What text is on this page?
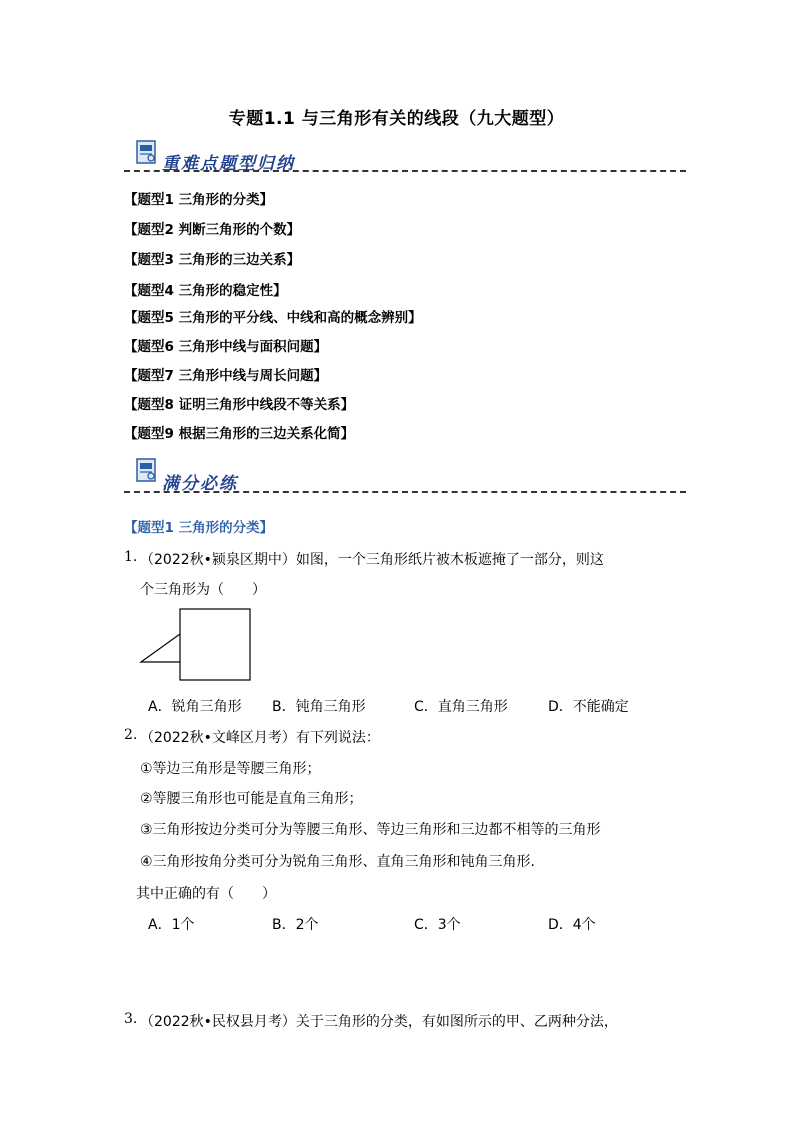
专题1.1 与三角形有关的线段（九大题型）
重难点题型归纳
【题型1 三角形的分类】
【题型2 判断三角形的个数】
【题型3 三角形的三边关系】
【题型4 三角形的稳定性】
【题型5 三角形的平分线、中线和高的概念辨别】
【题型6 三角形中线与面积问题】
【题型7 三角形中线与周长问题】
【题型8 证明三角形中线段不等关系】
【题型9 根据三角形的三边关系化简】
满分必练
【题型1 三角形的分类】
1. （2022秋•颍泉区期中）如图，一个三角形纸片被木板遮掩了一部分，则这
个三角形为（　　）
A．锐角三角形 B．钝角三角形	C．直角三角形	D．不能确定
2. （2022秋•文峰区月考）有下列说法：
①等边三角形是等腰三角形；
②等腰三角形也可能是直角三角形；
③三角形按边分类可分为等腰三角形、等边三角形和三边都不相等的三角形
④三角形按角分类可分为锐角三角形、直角三角形和钝角三角形.
其中正确的有（　　）
A．1个	B．2个	C．3个	D．4个
3. （2022秋•民权县月考）关于三角形的分类，有如图所示的甲、乙两种分法，
